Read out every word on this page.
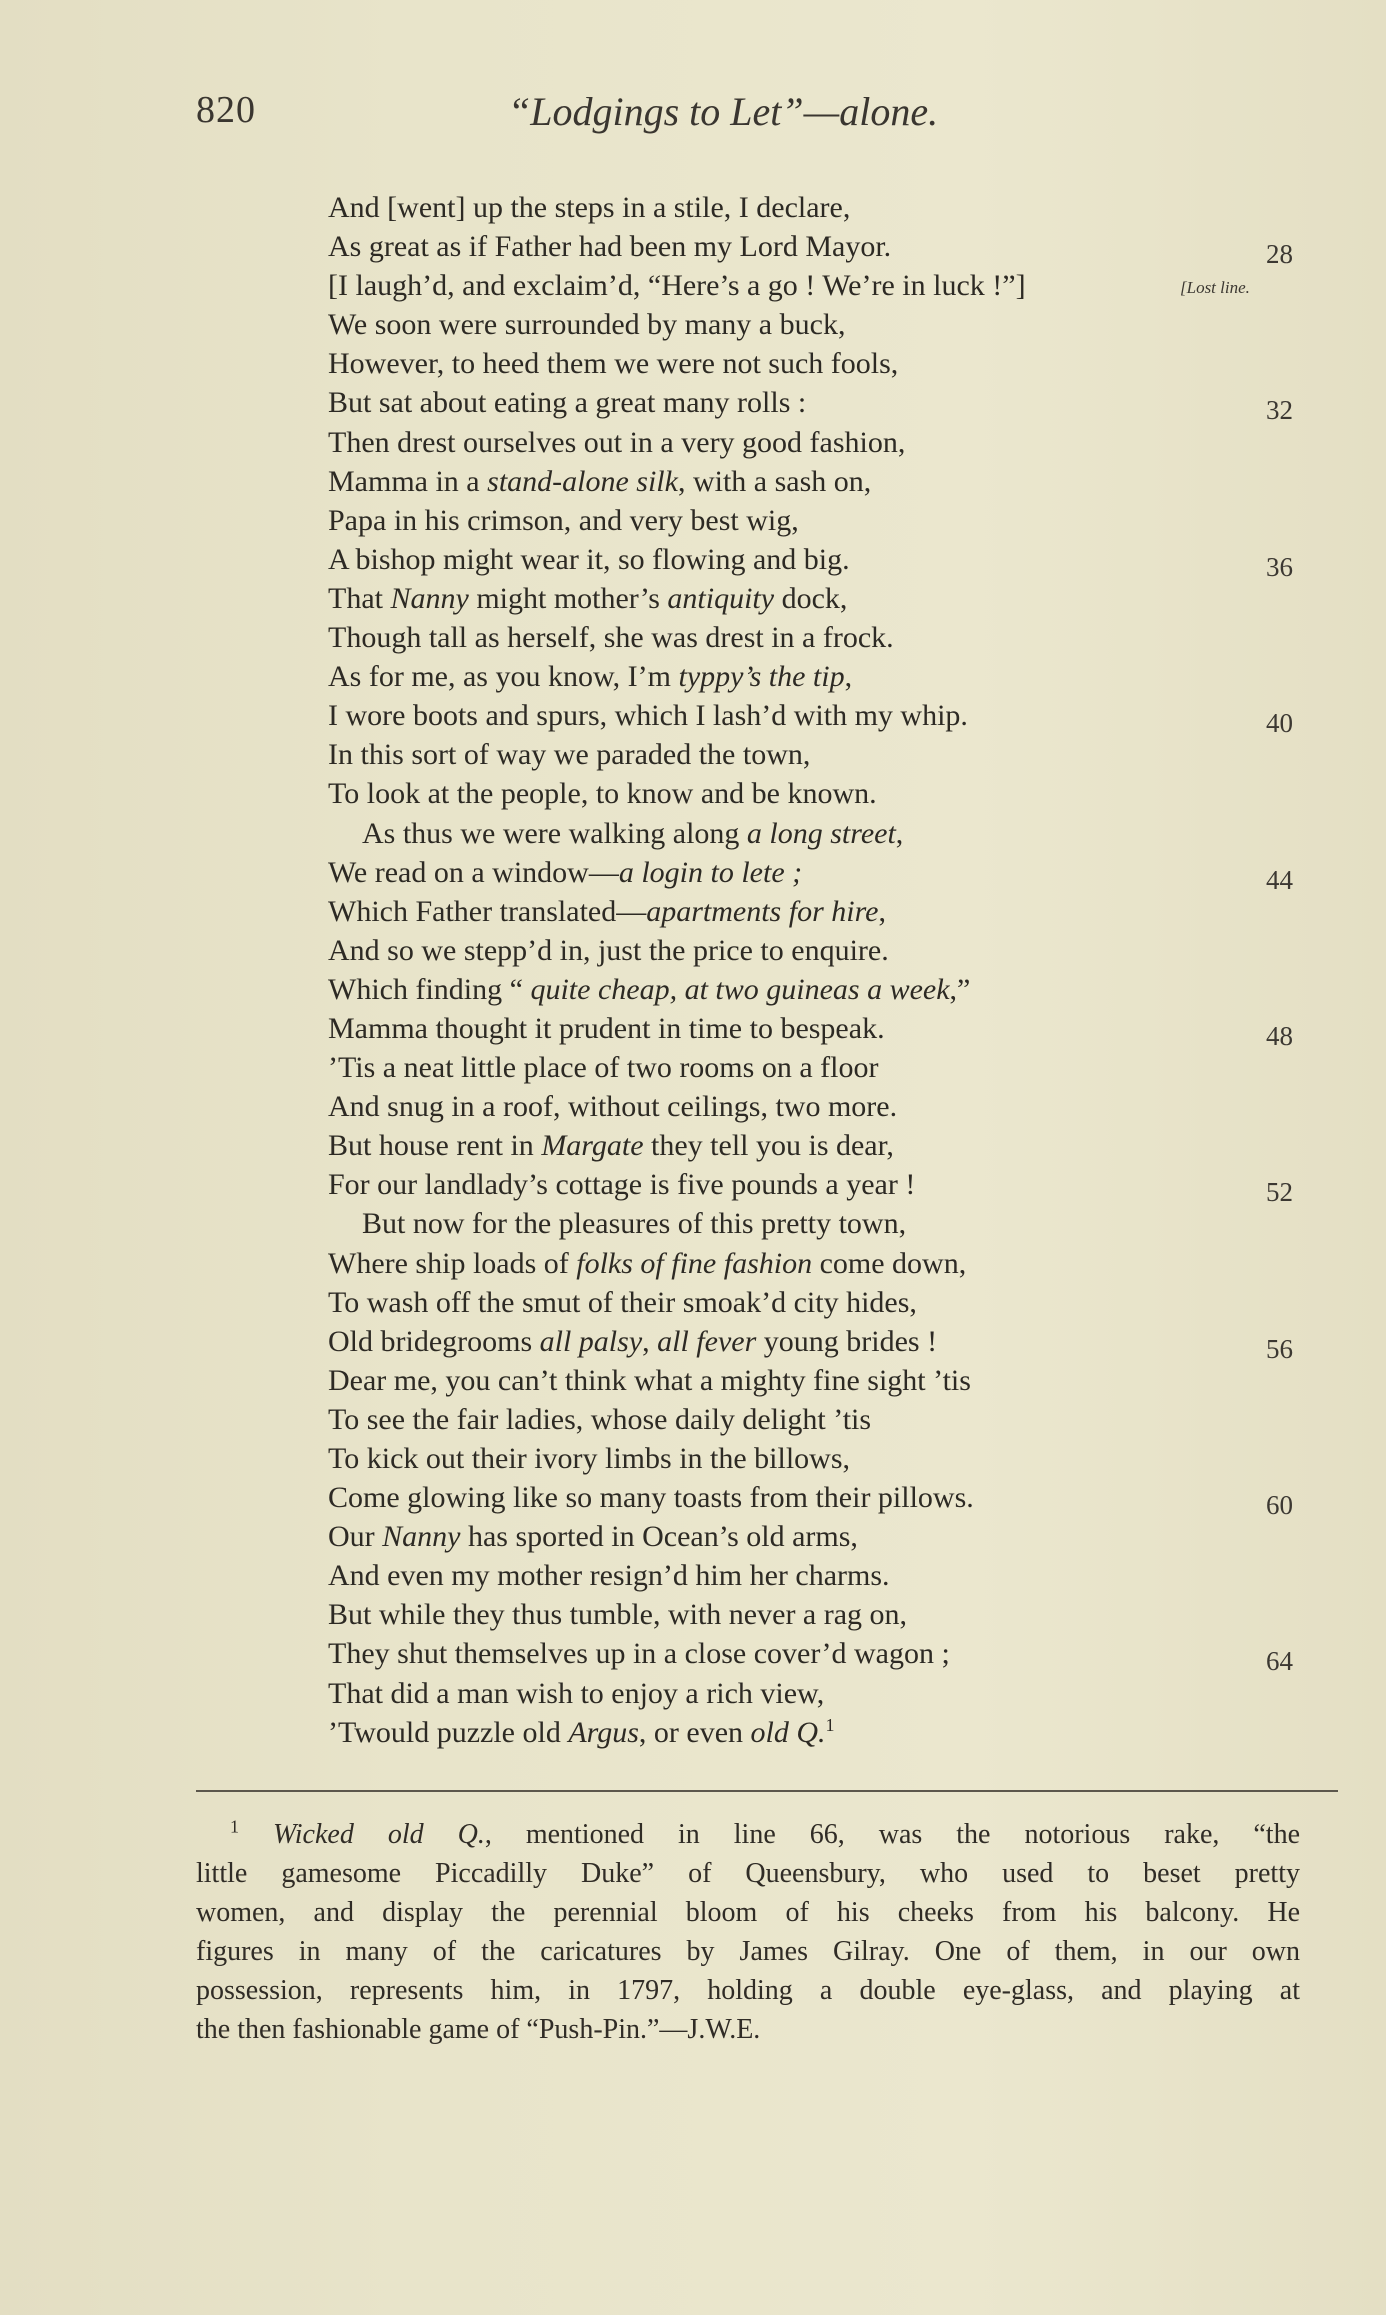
820	“Lodgings to Let”—alone.
And [went] up the steps in a stile, I declare,
As great as if Father had been my Lord Mayor.	28
[I laugh’d, and exclaim’d, “Here’s a go ! We’re in luck !”]	[Lost line.
We soon were surrounded by many a buck,
However, to heed them we were not such fools,
But sat about eating a great many rolls :	32
Then drest ourselves out in a very good fashion,
Mamma in a stand-alone silk, with a sash on,
Papa in his crimson, and very best wig,
A bishop might wear it, so flowing and big.	36
That Nanny might mother’s antiquity dock,
Though tall as herself, she was drest in a frock.
As for me, as you know, I’m typpy’s the tip,
I wore boots and spurs, which I lash’d with my whip.	40
In this sort of way we paraded the town,
To look at the people, to know and be known.
As thus we were walking along a long street,
We read on a window—a login to lete ;	44
Which Father translated—apartments for hire,
And so we stepp’d in, just the price to enquire.
Which finding “ quite cheap, at two guineas a week,”
Mamma thought it prudent in time to bespeak.	48
’Tis a neat little place of two rooms on a floor
And snug in a roof, without ceilings, two more.
But house rent in Margate they tell you is dear,
For our landlady’s cottage is five pounds a year !	52
But now for the pleasures of this pretty town,
Where ship loads of folks of fine fashion come down,
To wash off the smut of their smoak’d city hides,
Old bridegrooms all palsy, all fever young brides !	56
Dear me, you can’t think what a mighty fine sight ’tis
To see the fair ladies, whose daily delight ’tis
To kick out their ivory limbs in the billows,
Come glowing like so many toasts from their pillows.	60
Our Nanny has sported in Ocean’s old arms,
And even my mother resign’d him her charms.
But while they thus tumble, with never a rag on,
They shut themselves up in a close cover’d wagon ;	64
That did a man wish to enjoy a rich view,
’Twould puzzle old Argus, or even old Q.$^1$
$^1$ Wicked old Q., mentioned in line 66, was the notorious rake, “the
little gamesome Piccadilly Duke” of Queensbury, who used to beset pretty
women, and display the perennial bloom of his cheeks from his balcony. He
figures in many of the caricatures by James Gilray. One of them, in our own
possession, represents him, in 1797, holding a double eye-glass, and playing at
the then fashionable game of “Push-Pin.”—J.W.E.
